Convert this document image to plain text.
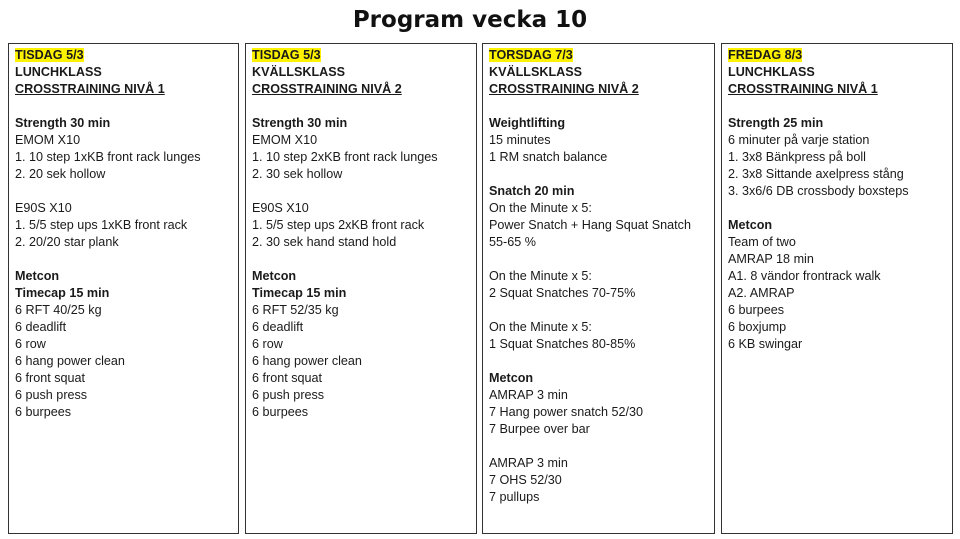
Program vecka 10
TISDAG 5/3
LUNCHKLASS
CROSSTRAINING NIVÅ 1
Strength 30 min
EMOM X10
1. 10 step 1xKB front rack lunges
2. 20 sek hollow
E90S X10
1. 5/5 step ups 1xKB front rack
2. 20/20 star plank
Metcon
Timecap 15 min
6 RFT 40/25 kg
6 deadlift
6 row
6 hang power clean
6 front squat
6 push press
6 burpees
TISDAG 5/3
KVÄLLSKLASS
CROSSTRAINING NIVÅ 2
Strength 30 min
EMOM X10
1. 10 step 2xKB front rack lunges
2. 30 sek hollow
E90S X10
1. 5/5 step ups 2xKB front rack
2. 30 sek hand stand hold
Metcon
Timecap 15 min
6 RFT 52/35 kg
6 deadlift
6 row
6 hang power clean
6 front squat
6 push press
6 burpees
TORSDAG 7/3
KVÄLLSKLASS
CROSSTRAINING NIVÅ 2
Weightlifting
15 minutes
1 RM snatch balance
Snatch 20 min
On the Minute x 5:
Power Snatch + Hang Squat Snatch
55-65 %
On the Minute x 5:
2 Squat Snatches 70-75%
On the Minute x 5:
1 Squat Snatches 80-85%
Metcon
AMRAP 3 min
7 Hang power snatch 52/30
7 Burpee over bar
AMRAP 3 min
7 OHS 52/30
7 pullups
FREDAG 8/3
LUNCHKLASS
CROSSTRAINING NIVÅ 1
Strength 25 min
6 minuter på varje station
1. 3x8 Bänkpress på boll
2. 3x8 Sittande axelpress stång
3. 3x6/6 DB crossbody boxsteps
Metcon
Team of two
AMRAP 18 min
A1. 8 vändor frontrack walk
A2. AMRAP
6 burpees
6 boxjump
6 KB swingar
